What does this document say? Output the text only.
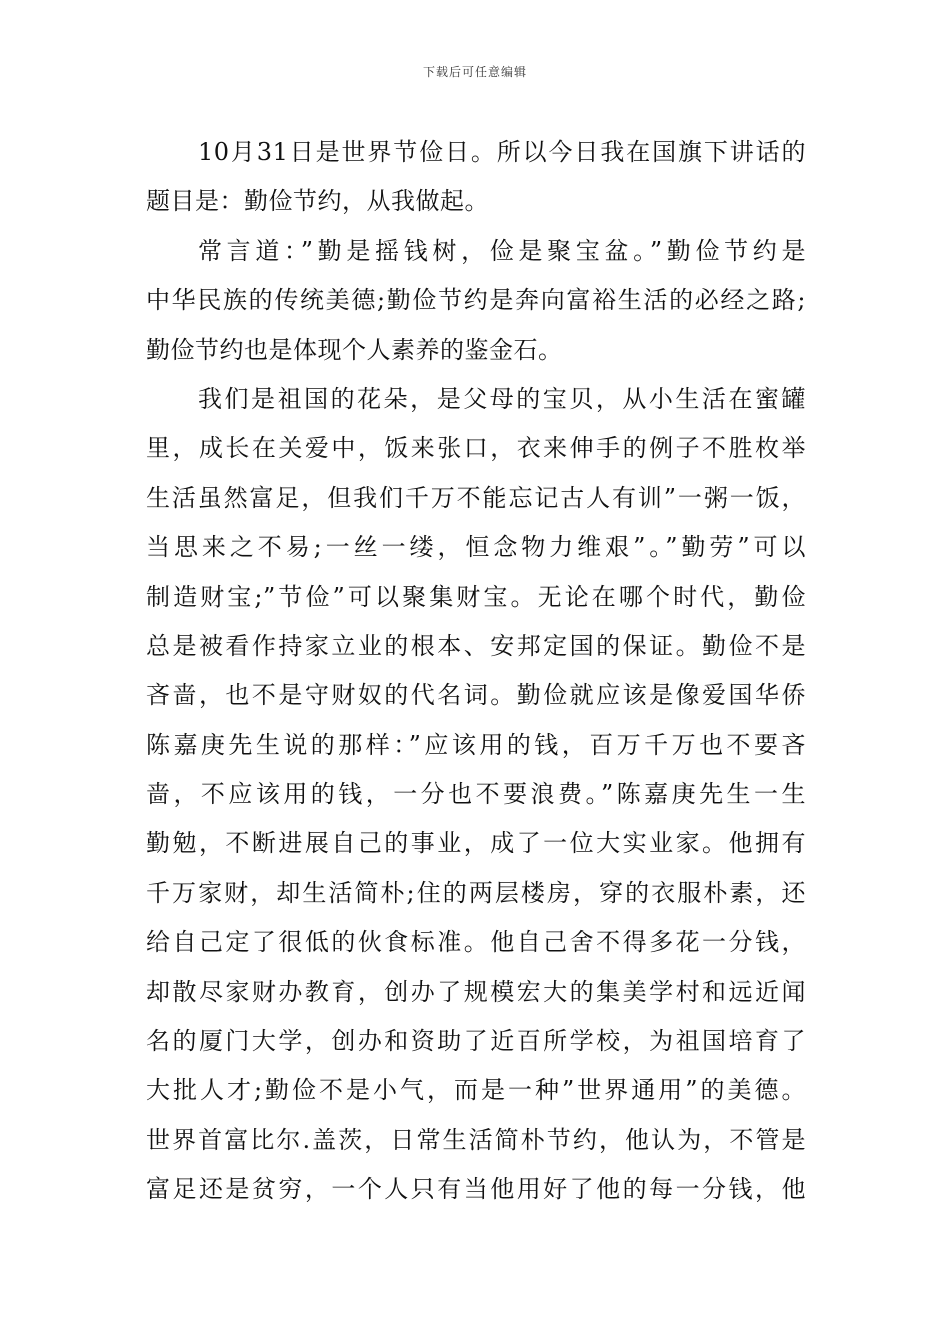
下载后可任意编辑
10月31日是世界节俭日。所以今日我在国旗下讲话的
题目是：勤俭节约，从我做起。
常言道：”勤是摇钱树，俭是聚宝盆。”勤俭节约是
中华民族的传统美德;勤俭节约是奔向富裕生活的必经之路;
勤俭节约也是体现个人素养的鉴金石。
我们是祖国的花朵，是父母的宝贝，从小生活在蜜罐
里，成长在关爱中，饭来张口，衣来伸手的例子不胜枚举
生活虽然富足，但我们千万不能忘记古人有训”一粥一饭，
当思来之不易;一丝一缕，恒念物力维艰”。”勤劳”可以
制造财宝;”节俭”可以聚集财宝。无论在哪个时代，勤俭
总是被看作持家立业的根本、安邦定国的保证。勤俭不是
吝啬，也不是守财奴的代名词。勤俭就应该是像爱国华侨
陈嘉庚先生说的那样：”应该用的钱，百万千万也不要吝
啬，不应该用的钱，一分也不要浪费。”陈嘉庚先生一生
勤勉，不断进展自己的事业，成了一位大实业家。他拥有
千万家财，却生活简朴;住的两层楼房，穿的衣服朴素，还
给自己定了很低的伙食标准。他自己舍不得多花一分钱，
却散尽家财办教育，创办了规模宏大的集美学村和远近闻
名的厦门大学，创办和资助了近百所学校，为祖国培育了
大批人才;勤俭不是小气，而是一种”世界通用”的美德。
世界首富比尔.盖茨，日常生活简朴节约，他认为，不管是
富足还是贫穷，一个人只有当他用好了他的每一分钱，他
